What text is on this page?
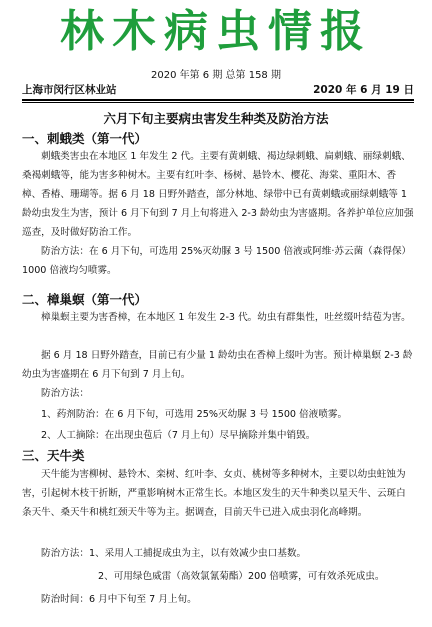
林木病虫情报
2020 年第 6 期 总第 158 期
上海市闵行区林业站	2020 年 6 月 19 日
六月下旬主要病虫害发生种类及防治方法
一、刺蛾类（第一代）

刺蛾类害虫在本地区 1 年发生 2 代。主要有黄刺蛾、褐边绿刺蛾、扁刺蛾、丽绿刺蛾、桑褐刺蛾等，能为害多种树木。主要有红叶李、杨树、悬铃木、樱花、海棠、重阳木、香樟、香椿、珊瑚等。据 6 月 18 日野外踏查，部分林地、绿带中已有黄刺蛾或丽绿刺蛾等 1 龄幼虫发生为害，预计 6 月下旬到 7 月上旬将进入 2-3 龄幼虫为害盛期。各养护单位应加强巡查，及时做好防治工作。

防治方法：在 6 月下旬，可选用 25%灭幼脲 3 号 1500 倍液或阿维·苏云菌（森得保）1000 倍液均匀喷雾。

二、樟巢螟（第一代）

樟巢螟主要为害香樟，在本地区 1 年发生 2-3 代。幼虫有群集性，吐丝缀叶结苞为害。

据 6 月 18 日野外踏查，目前已有少量 1 龄幼虫在香樟上缀叶为害。预计樟巢螟 2-3 龄幼虫为害盛期在 6 月下旬到 7 月上旬。

防治方法：

1、药剂防治：在 6 月下旬，可选用 25%灭幼脲 3 号 1500 倍液喷雾。

2、人工摘除：在出现虫苞后（7 月上旬）尽早摘除并集中销毁。

三、天牛类

天牛能为害柳树、悬铃木、栾树、红叶李、女贞、桃树等多种树木，主要以幼虫蛀蚀为害，引起树木枝干折断，严重影响树木正常生长。本地区发生的天牛种类以星天牛、云斑白条天牛、桑天牛和桃红颈天牛等为主。据调查，目前天牛已进入成虫羽化高峰期。

防治方法：1、采用人工捕捉成虫为主，以有效减少虫口基数。

2、可用绿色威雷（高效氯氰菊酯）200 倍喷雾，可有效杀死成虫。

防治时间：6 月中下旬至 7 月上旬。
